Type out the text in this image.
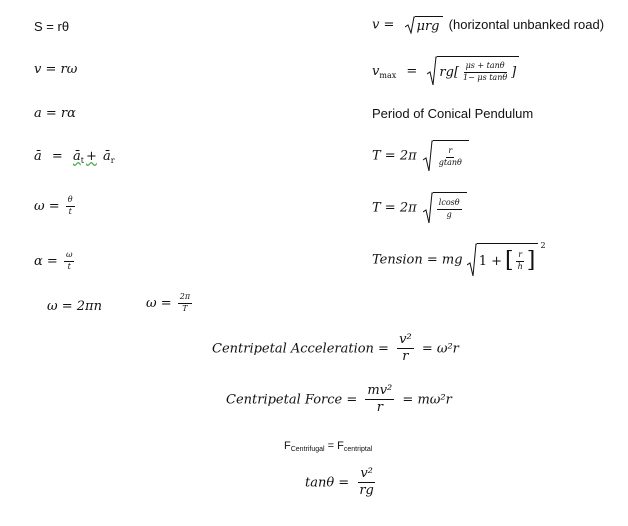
S = rθ
v = rω
a = rα
ā = $ā_t$ + $ā_r$
$\omega = \frac{\theta}{t}$
$\alpha = \frac{\omega}{t}$
ω = 2πn	$\omega = \frac{2\pi}{T}$
v = μrg (horizontal unbanked road)
$v_{max} = rg[ \frac{\mu s + \tan\theta}{\text{1− μs tanθ}}$ ]
Period of Conical Pendulum
T = 2π	$\frac{r}{gtan\theta}$
T = 2π	$\frac{lcos\theta}{g}$
Tension = mg 1 + [ $\frac{r}{h}$ ]
$^2$
Centripetal Acceleration = $\frac{\text{v²}}{r} = \omega^2r$
Centripetal Force = $\frac{\text{mv²}}{r} = m\omega^2r$
$F_{Centrifugal} = F_{centriptal}$
$\tan\theta = \frac{\text{v²}}{rg}$
